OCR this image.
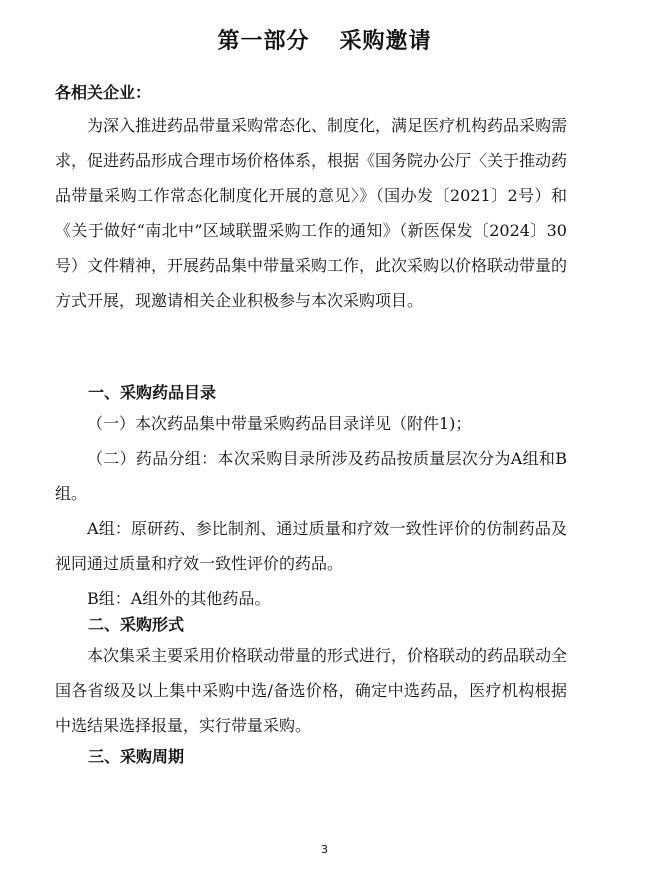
第一部分 采购邀请
各相关企业：

为深入推进药品带量采购常态化、制度化，满足医疗机构药品采购需求，促进药品形成合理市场价格体系，根据《国务院办公厅〈关于推动药品带量采购工作常态化制度化开展的意见〉》（国办发〔2021〕2号）和《关于做好“南北中”区域联盟采购工作的通知》（新医保发〔2024〕30号）文件精神，开展药品集中带量采购工作，此次采购以价格联动带量的方式开展，现邀请相关企业积极参与本次采购项目。

一、采购药品目录

（一）本次药品集中带量采购药品目录详见（附件1)；

（二）药品分组：本次采购目录所涉及药品按质量层次分为A组和B组。

A组：原研药、参比制剂、通过质量和疗效一致性评价的仿制药品及视同通过质量和疗效一致性评价的药品。

B组：A组外的其他药品。

二、采购形式

本次集采主要采用价格联动带量的形式进行，价格联动的药品联动全国各省级及以上集中采购中选/备选价格，确定中选药品，医疗机构根据中选结果选择报量，实行带量采购。

三、采购周期
3
